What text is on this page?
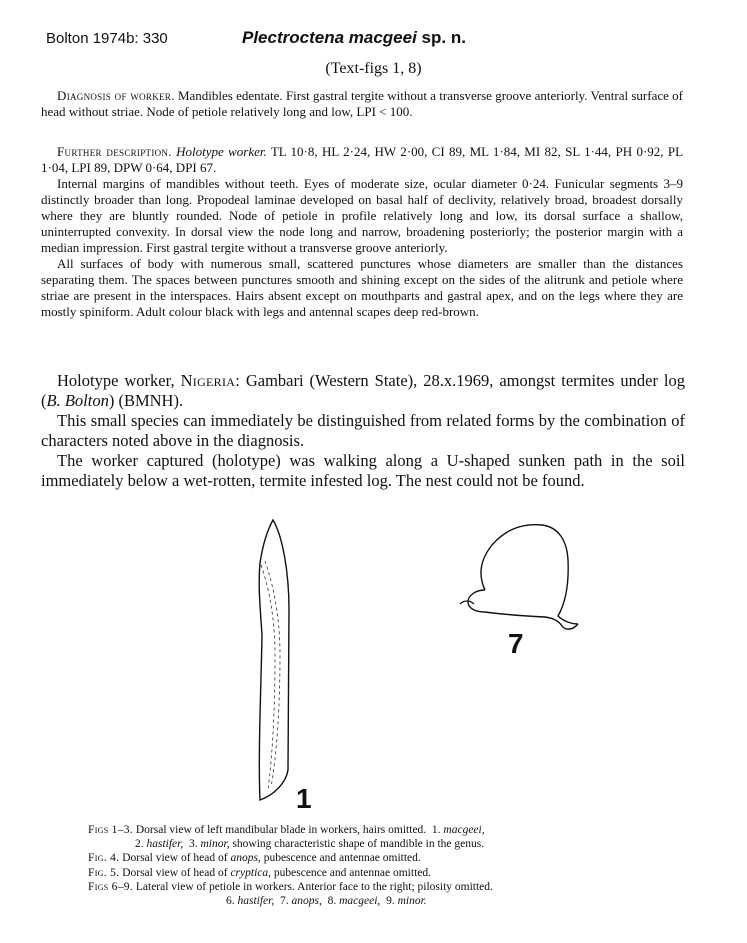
Bolton 1974b: 330	Plectroctena macgeei sp. n.
(Text-figs 1, 8)

Diagnosis of worker. Mandibles edentate. First gastral tergite without a transverse groove anteriorly. Ventral surface of head without striae. Node of petiole relatively long and low, LPI < 100.

Further description. Holotype worker. TL 10·8, HL 2·24, HW 2·00, CI 89, ML 1·84, MI 82, SL 1·44, PH 0·92, PL 1·04, LPI 89, DPW 0·64, DPI 67.

Internal margins of mandibles without teeth. Eyes of moderate size, ocular diameter 0·24. Funicular segments 3–9 distinctly broader than long. Propodeal laminae developed on basal half of declivity, relatively broad, broadest dorsally where they are bluntly rounded. Node of petiole in profile relatively long and low, its dorsal surface a shallow, uninterrupted convexity. In dorsal view the node long and narrow, broadening posteriorly; the posterior margin with a median impression. First gastral tergite without a transverse groove anteriorly.

All surfaces of body with numerous small, scattered punctures whose diameters are smaller than the distances separating them. The spaces between punctures smooth and shining except on the sides of the alitrunk and petiole where striae are present in the interspaces. Hairs absent except on mouthparts and gastral apex, and on the legs where they are mostly spiniform. Adult colour black with legs and antennal scapes deep red-brown.

Holotype worker, Nigeria: Gambari (Western State), 28.x.1969, amongst termites under log (B. Bolton) (BMNH).

This small species can immediately be distinguished from related forms by the combination of characters noted above in the diagnosis.

The worker captured (holotype) was walking along a U-shaped sunken path in the soil immediately below a wet-rotten, termite infested log. The nest could not be found.

1
7
Figs 1–3. Dorsal view of left mandibular blade in workers, hairs omitted. 1. macgeei,
2. hastifer, 3. minor, showing characteristic shape of mandible in the genus.
Fig. 4. Dorsal view of head of anops, pubescence and antennae omitted.
Fig. 5. Dorsal view of head of cryptica, pubescence and antennae omitted.
Figs 6–9. Lateral view of petiole in workers. Anterior face to the right; pilosity omitted.
6. hastifer, 7. anops, 8. macgeei, 9. minor.
